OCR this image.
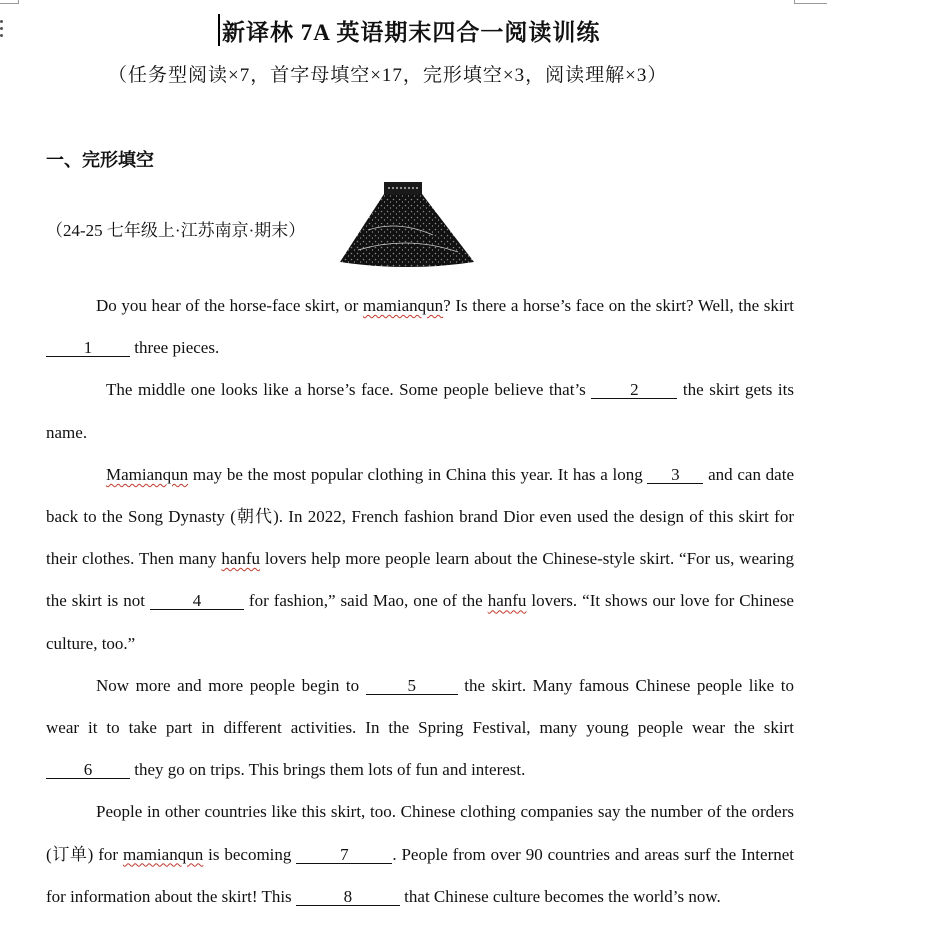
新译林 7A 英语期末四合一阅读训练
（任务型阅读×7，首字母填空×17，完形填空×3，阅读理解×3）
一、完形填空
（24-25 七年级上·江苏南京·期末）

Do you hear of the horse-face skirt, or mamianqun? Is there a horse’s face on the skirt? Well, the skirt 1 three pieces.

The middle one looks like a horse’s face. Some people believe that’s 2 the skirt gets its name.

Mamianqun may be the most popular clothing in China this year. It has a long 3 and can date back to the Song Dynasty (朝代). In 2022, French fashion brand Dior even used the design of this skirt for their clothes. Then many hanfu lovers help more people learn about the Chinese-style skirt. “For us, wearing the skirt is not	4	for fashion,” said Mao, one of the hanfu lovers. “It shows our love for Chinese culture, too.”

Now more and more people begin to 5 the skirt. Many famous Chinese people like to wear it to take part in different activities. In the Spring Festival, many young people wear the skirt 6 they go on trips. This brings them lots of fun and interest.

People in other countries like this skirt, too. Chinese clothing companies say the number of the orders (订单) for mamianqun is becoming	7	. People from over 90 countries and areas surf the Internet for information about the skirt! This	8	that Chinese culture becomes the world’s now.
